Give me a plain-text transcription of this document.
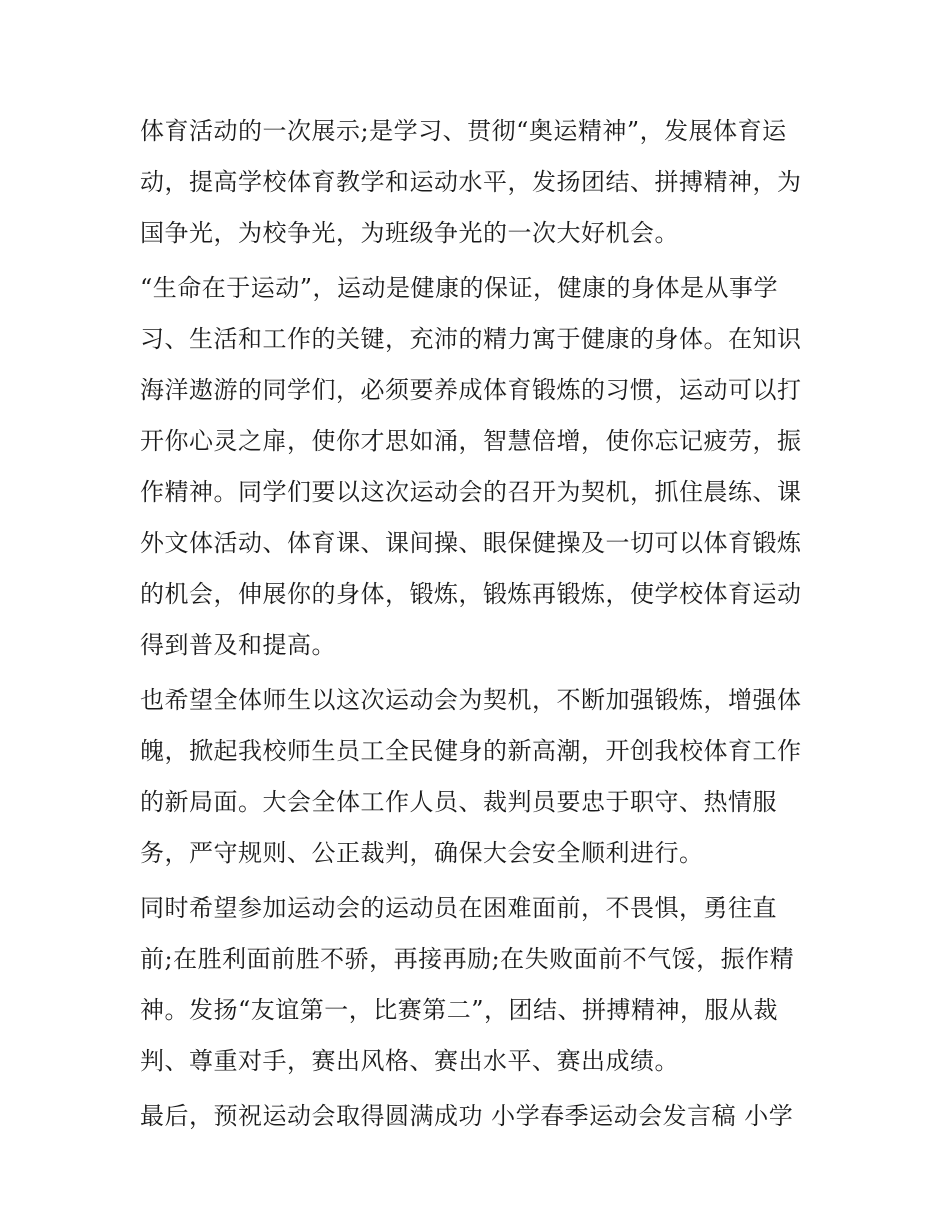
体育活动的一次展示;是学习、贯彻“奥运精神”，发展体育运

动，提高学校体育教学和运动水平，发扬团结、拼搏精神，为

国争光，为校争光，为班级争光的一次大好机会。

“生命在于运动”，运动是健康的保证，健康的身体是从事学

习、生活和工作的关键，充沛的精力寓于健康的身体。在知识

海洋遨游的同学们，必须要养成体育锻炼的习惯，运动可以打

开你心灵之扉，使你才思如涌，智慧倍增，使你忘记疲劳，振

作精神。同学们要以这次运动会的召开为契机，抓住晨练、课

外文体活动、体育课、课间操、眼保健操及一切可以体育锻炼

的机会，伸展你的身体，锻炼，锻炼再锻炼，使学校体育运动

得到普及和提高。

也希望全体师生以这次运动会为契机，不断加强锻炼，增强体

魄，掀起我校师生员工全民健身的新高潮，开创我校体育工作

的新局面。大会全体工作人员、裁判员要忠于职守、热情服

务，严守规则、公正裁判，确保大会安全顺利进行。

同时希望参加运动会的运动员在困难面前，不畏惧，勇往直

前;在胜利面前胜不骄，再接再励;在失败面前不气馁，振作精

神。发扬“友谊第一，比赛第二”，团结、拼搏精神，服从裁

判、尊重对手，赛出风格、赛出水平、赛出成绩。

最后，预祝运动会取得圆满成功 小学春季运动会发言稿 小学
